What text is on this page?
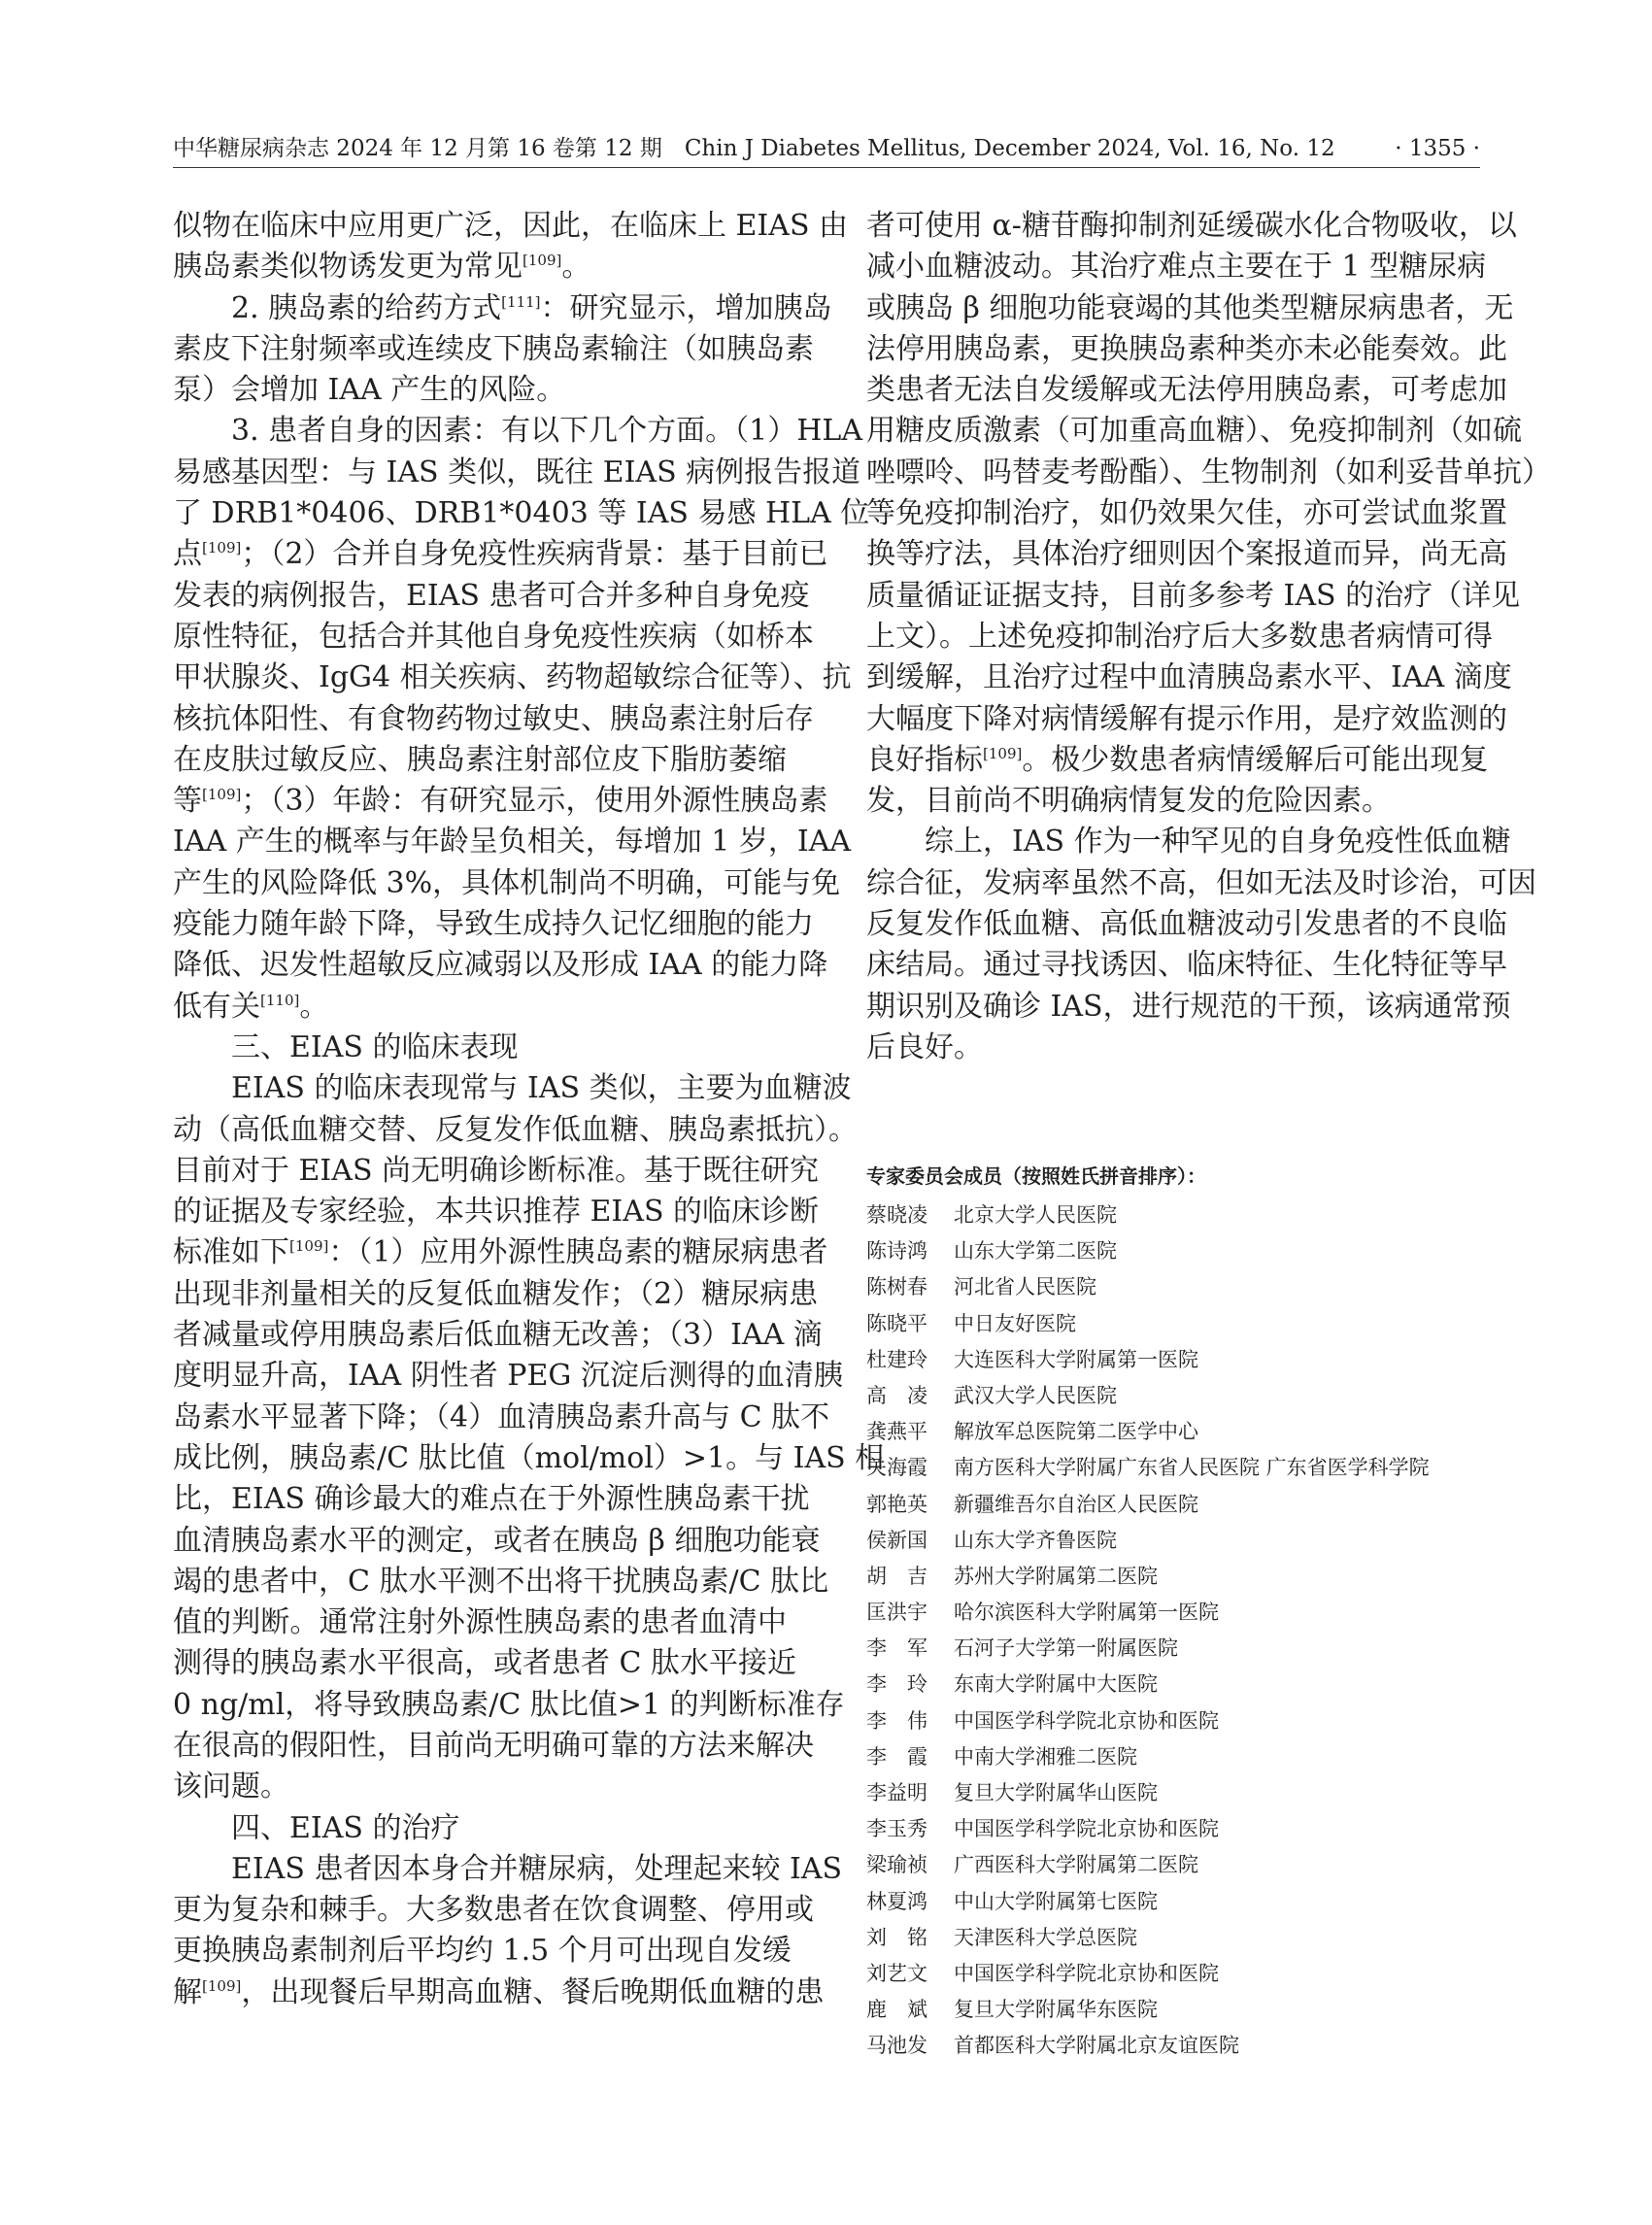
中华糖尿病杂志 2024 年 12 月第 16 卷第 12 期　Chin J Diabetes Mellitus, December 2024, Vol. 16, No. 12	· 1355 ·
似物在临床中应用更广泛，因此，在临床上 EIAS 由
胰岛素类似物诱发更为常见[109]。
2. 胰岛素的给药方式[111]：研究显示，增加胰岛
素皮下注射频率或连续皮下胰岛素输注（如胰岛素
泵）会增加 IAA 产生的风险。
3. 患者自身的因素：有以下几个方面。（1）HLA
易感基因型：与 IAS 类似，既往 EIAS 病例报告报道
了 DRB1*0406、DRB1*0403 等 IAS 易感 HLA 位
点[109]；（2）合并自身免疫性疾病背景：基于目前已
发表的病例报告，EIAS 患者可合并多种自身免疫
原性特征，包括合并其他自身免疫性疾病（如桥本
甲状腺炎、IgG4 相关疾病、药物超敏综合征等）、抗
核抗体阳性、有食物药物过敏史、胰岛素注射后存
在皮肤过敏反应、胰岛素注射部位皮下脂肪萎缩
等[109]；（3）年龄：有研究显示，使用外源性胰岛素
IAA 产生的概率与年龄呈负相关，每增加 1 岁，IAA
产生的风险降低 3%，具体机制尚不明确，可能与免
疫能力随年龄下降，导致生成持久记忆细胞的能力
降低、迟发性超敏反应减弱以及形成 IAA 的能力降
低有关[110]。
三、EIAS 的临床表现
EIAS 的临床表现常与 IAS 类似，主要为血糖波
动（高低血糖交替、反复发作低血糖、胰岛素抵抗）。
目前对于 EIAS 尚无明确诊断标准。基于既往研究
的证据及专家经验，本共识推荐 EIAS 的临床诊断
标准如下[109]：（1）应用外源性胰岛素的糖尿病患者
出现非剂量相关的反复低血糖发作；（2）糖尿病患
者减量或停用胰岛素后低血糖无改善；（3）IAA 滴
度明显升高，IAA 阴性者 PEG 沉淀后测得的血清胰
岛素水平显著下降；（4）血清胰岛素升高与 C 肽不
成比例，胰岛素/C 肽比值（mol/mol）>1。与 IAS 相
比，EIAS 确诊最大的难点在于外源性胰岛素干扰
血清胰岛素水平的测定，或者在胰岛 β 细胞功能衰
竭的患者中，C 肽水平测不出将干扰胰岛素/C 肽比
值的判断。通常注射外源性胰岛素的患者血清中
测得的胰岛素水平很高，或者患者 C 肽水平接近
0 ng/ml，将导致胰岛素/C 肽比值>1 的判断标准存
在很高的假阳性，目前尚无明确可靠的方法来解决
该问题。
四、EIAS 的治疗
EIAS 患者因本身合并糖尿病，处理起来较 IAS
更为复杂和棘手。大多数患者在饮食调整、停用或
更换胰岛素制剂后平均约 1.5 个月可出现自发缓
解[109]，出现餐后早期高血糖、餐后晚期低血糖的患
者可使用 α-糖苷酶抑制剂延缓碳水化合物吸收，以
减小血糖波动。其治疗难点主要在于 1 型糖尿病
或胰岛 β 细胞功能衰竭的其他类型糖尿病患者，无
法停用胰岛素，更换胰岛素种类亦未必能奏效。此
类患者无法自发缓解或无法停用胰岛素，可考虑加
用糖皮质激素（可加重高血糖）、免疫抑制剂（如硫
唑嘌呤、吗替麦考酚酯）、生物制剂（如利妥昔单抗）
等免疫抑制治疗，如仍效果欠佳，亦可尝试血浆置
换等疗法，具体治疗细则因个案报道而异，尚无高
质量循证证据支持，目前多参考 IAS 的治疗（详见
上文）。上述免疫抑制治疗后大多数患者病情可得
到缓解，且治疗过程中血清胰岛素水平、IAA 滴度
大幅度下降对病情缓解有提示作用，是疗效监测的
良好指标[109]。极少数患者病情缓解后可能出现复
发，目前尚不明确病情复发的危险因素。
综上，IAS 作为一种罕见的自身免疫性低血糖
综合征，发病率虽然不高，但如无法及时诊治，可因
反复发作低血糖、高低血糖波动引发患者的不良临
床结局。通过寻找诱因、临床特征、生化特征等早
期识别及确诊 IAS，进行规范的干预，该病通常预
后良好。
专家委员会成员（按照姓氏拼音排序）：
蔡晓凌	北京大学人民医院
陈诗鸿	山东大学第二医院
陈树春	河北省人民医院
陈晓平	中日友好医院
杜建玲	大连医科大学附属第一医院
高　凌	武汉大学人民医院
龚燕平	解放军总医院第二医学中心
关海霞	南方医科大学附属广东省人民医院 广东省医学科学院
郭艳英	新疆维吾尔自治区人民医院
侯新国	山东大学齐鲁医院
胡　吉	苏州大学附属第二医院
匡洪宇	哈尔滨医科大学附属第一医院
李　军	石河子大学第一附属医院
李　玲	东南大学附属中大医院
李　伟	中国医学科学院北京协和医院
李　霞	中南大学湘雅二医院
李益明	复旦大学附属华山医院
李玉秀	中国医学科学院北京协和医院
梁瑜祯	广西医科大学附属第二医院
林夏鸿	中山大学附属第七医院
刘　铭	天津医科大学总医院
刘艺文	中国医学科学院北京协和医院
鹿　斌	复旦大学附属华东医院
马池发	首都医科大学附属北京友谊医院
